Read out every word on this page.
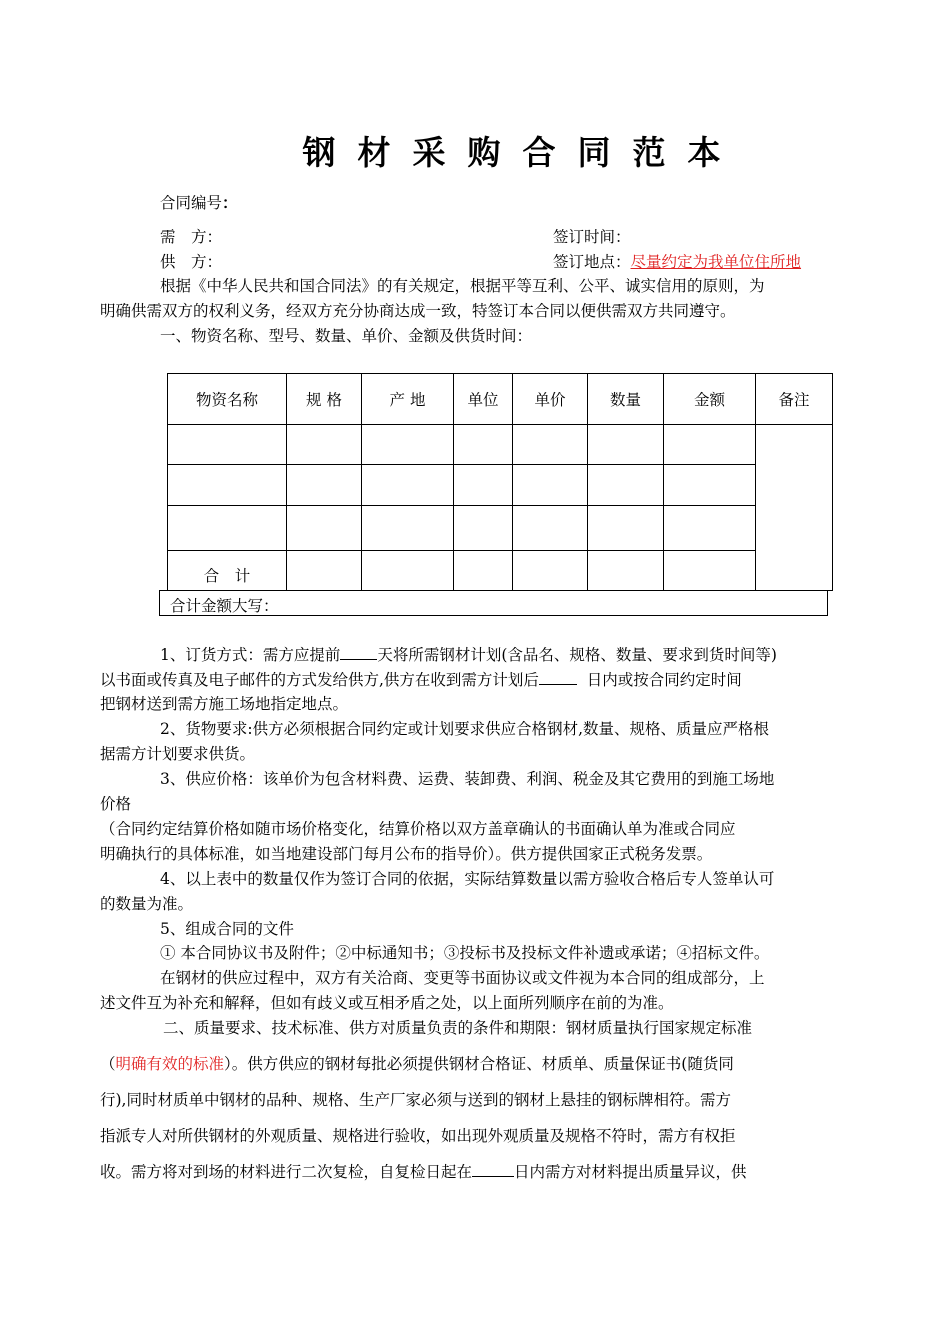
钢材采购合同范本
合同编号：
需　方：	签订时间：
供　方：	签订地点：尽量约定为我单位住所地
根据《中华人民共和国合同法》的有关规定，根据平等互利、公平、诚实信用的原则，为
明确供需双方的权利义务，经双方充分协商达成一致，特签订本合同以便供需双方共同遵守。
一、物资名称、型号、数量、单价、金额及供货时间：
物资名称	规 格	产 地	单位	单价	数量	金额	备注

合　计							
合计金额大写：
1、订货方式：需方应提前 天将所需钢材计划(含品名、规格、数量、要求到货时间等)
以书面或传真及电子邮件的方式发给供方,供方在收到需方计划后	日内或按合同约定时间
把钢材送到需方施工场地指定地点。
2、货物要求:供方必须根据合同约定或计划要求供应合格钢材,数量、规格、质量应严格根
据需方计划要求供货。
3、供应价格：该单价为包含材料费、运费、装卸费、利润、税金及其它费用的到施工场地
价格
（合同约定结算价格如随市场价格变化，结算价格以双方盖章确认的书面确认单为准或合同应
明确执行的具体标准，如当地建设部门每月公布的指导价）。供方提供国家正式税务发票。
4、以上表中的数量仅作为签订合同的依据，实际结算数量以需方验收合格后专人签单认可
的数量为准。
5、组成合同的文件
① 本合同协议书及附件；②中标通知书；③投标书及投标文件补遗或承诺；④招标文件。
在钢材的供应过程中，双方有关洽商、变更等书面协议或文件视为本合同的组成部分，上
述文件互为补充和解释，但如有歧义或互相矛盾之处，以上面所列顺序在前的为准。
二、质量要求、技术标准、供方对质量负责的条件和期限：钢材质量执行国家规定标准
（明确有效的标准）。供方供应的钢材每批必须提供钢材合格证、材质单、质量保证书(随货同
行),同时材质单中钢材的品种、规格、生产厂家必须与送到的钢材上悬挂的钢标牌相符。需方
指派专人对所供钢材的外观质量、规格进行验收，如出现外观质量及规格不符时，需方有权拒
收。需方将对到场的材料进行二次复检，自复检日起在	日内需方对材料提出质量异议，供
